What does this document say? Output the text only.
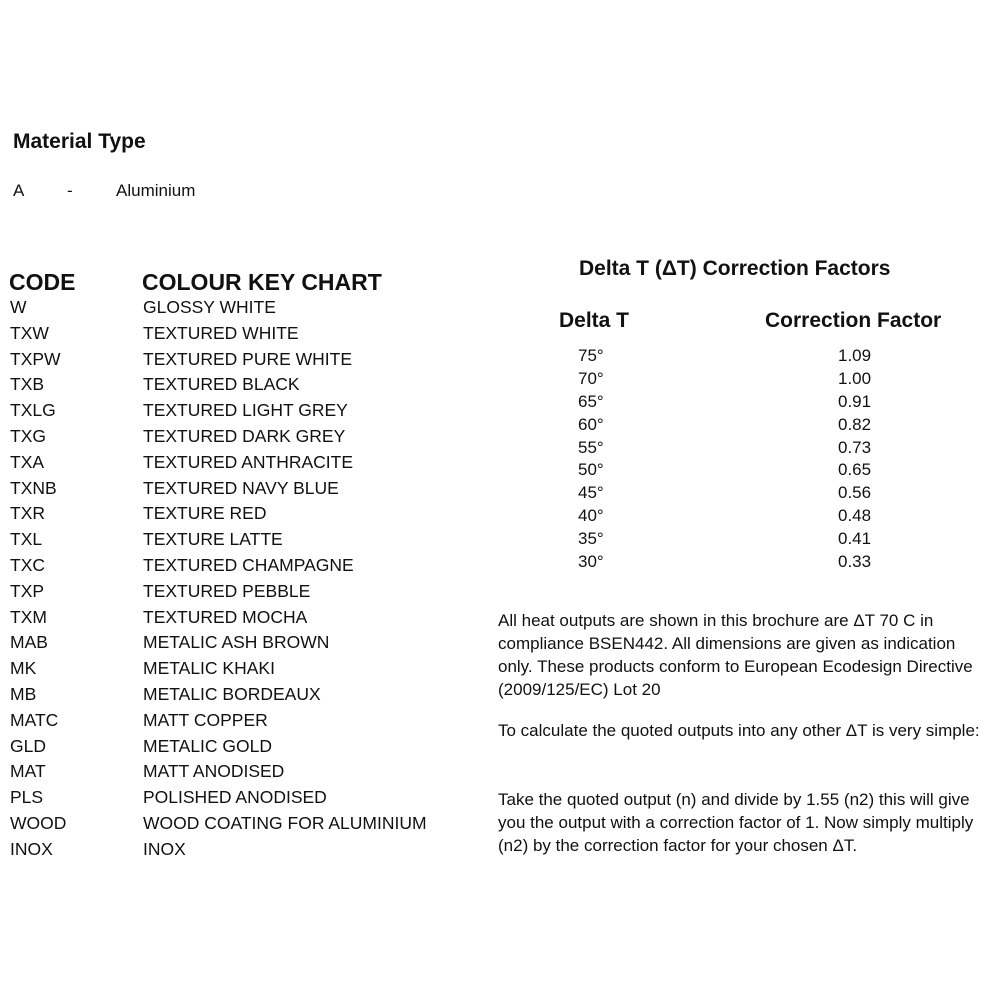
Material Type
A	-	Aluminium
CODE	COLOUR KEY CHART
W	GLOSSY WHITE
TXW	TEXTURED WHITE
TXPW	TEXTURED PURE WHITE
TXB	TEXTURED BLACK
TXLG	TEXTURED LIGHT GREY
TXG	TEXTURED DARK GREY
TXA	TEXTURED ANTHRACITE
TXNB	TEXTURED NAVY BLUE
TXR	TEXTURE RED
TXL	TEXTURE LATTE
TXC	TEXTURED CHAMPAGNE
TXP	TEXTURED PEBBLE
TXM	TEXTURED MOCHA
MAB	METALIC ASH BROWN
MK	METALIC KHAKI
MB	METALIC BORDEAUX
MATC	MATT COPPER
GLD	METALIC GOLD
MAT	MATT ANODISED
PLS	POLISHED ANODISED
WOOD	WOOD COATING FOR ALUMINIUM
INOX	INOX
Delta T (ΔT) Correction Factors
Delta T	Correction Factor
75°	1.09
70°	1.00
65°	0.91
60°	0.82
55°	0.73
50°	0.65
45°	0.56
40°	0.48
35°	0.41
30°	0.33

All heat outputs are shown in this brochure are ΔT 70 C in compliance BSEN442. All dimensions are given as indication only. These products conform to European Ecodesign Directive (2009/125/EC) Lot 20

To calculate the quoted outputs into any other ΔT is very simple:

Take the quoted output (n) and divide by 1.55 (n2) this will give you the output with a correction factor of 1. Now simply multiply (n2) by the correction factor for your chosen ΔT.
